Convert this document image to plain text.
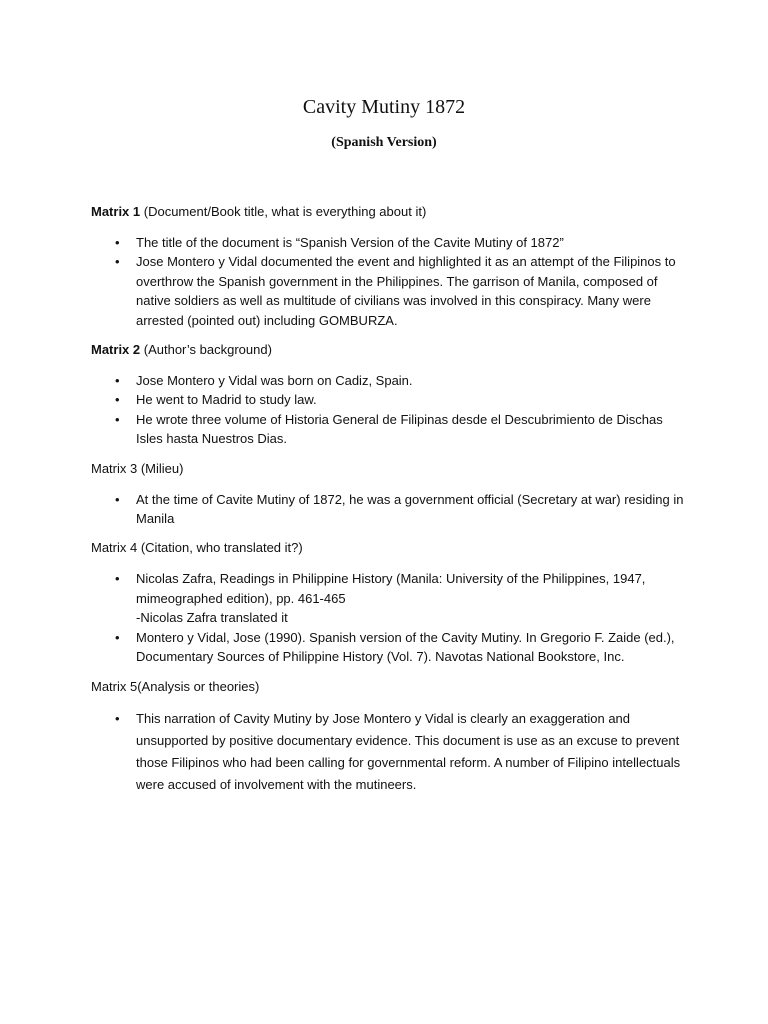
Cavity Mutiny 1872
(Spanish Version)

Matrix 1 (Document/Book title, what is everything about it)

• The title of the document is “Spanish Version of the Cavite Mutiny of 1872”
• Jose Montero y Vidal documented the event and highlighted it as an attempt of the Filipinos to overthrow the Spanish government in the Philippines. The garrison of Manila, composed of native soldiers as well as multitude of civilians was involved in this conspiracy. Many were arrested (pointed out) including GOMBURZA.

Matrix 2 (Author’s background)

• Jose Montero y Vidal was born on Cadiz, Spain.
• He went to Madrid to study law.
• He wrote three volume of Historia General de Filipinas desde el Descubrimiento de Dischas Isles hasta Nuestros Dias.

Matrix 3 (Milieu)

• At the time of Cavite Mutiny of 1872, he was a government official (Secretary at war) residing in Manila

Matrix 4 (Citation, who translated it?)

• Nicolas Zafra, Readings in Philippine History (Manila: University of the Philippines, 1947, mimeographed edition), pp. 461-465
-Nicolas Zafra translated it
• Montero y Vidal, Jose (1990). Spanish version of the Cavity Mutiny. In Gregorio F. Zaide (ed.), Documentary Sources of Philippine History (Vol. 7). Navotas National Bookstore, Inc.

Matrix 5(Analysis or theories)

• This narration of Cavity Mutiny by Jose Montero y Vidal is clearly an exaggeration and unsupported by positive documentary evidence. This document is use as an excuse to prevent those Filipinos who had been calling for governmental reform. A number of Filipino intellectuals were accused of involvement with the mutineers.
